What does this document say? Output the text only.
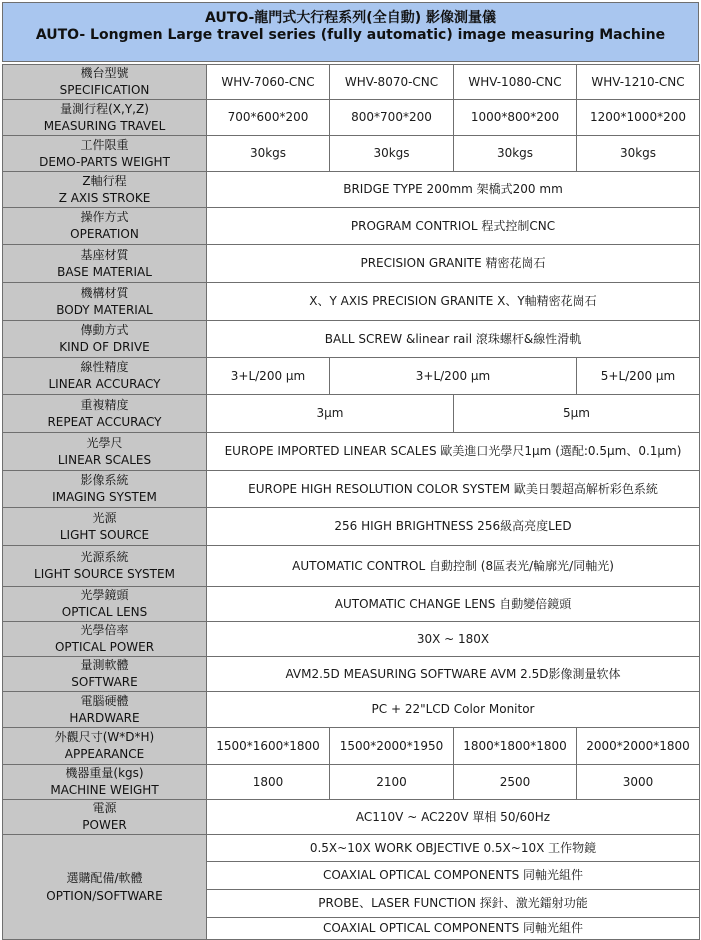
AUTO-龍門式大行程系列(全自動) 影像測量儀
AUTO- Longmen Large travel series (fully automatic) image measuring Machine
機台型號
SPECIFICATION	WHV-7060-CNC	WHV-8070-CNC	WHV-1080-CNC	WHV-1210-CNC

量測行程(X,Y,Z)
MEASURING TRAVEL	700*600*200	800*700*200	1000*800*200	1200*1000*200

工件限重
DEMO-PARTS WEIGHT	30kgs	30kgs	30kgs	30kgs

Z軸行程
Z AXIS STROKE	BRIDGE TYPE 200mm 架橋式200 mm			

操作方式
OPERATION	PROGRAM CONTRIOL 程式控制CNC			

基座材質
BASE MATERIAL	PRECISION GRANITE 精密花崗石			

機構材質
BODY MATERIAL	X、Y AXIS PRECISION GRANITE X、Y軸精密花崗石			

傳動方式
KIND OF DRIVE	BALL SCREW &linear rail 滾珠螺杆&線性滑軌			

線性精度
LINEAR ACCURACY	3+L/200 μm	3+L/200 μm		5+L/200 μm

重複精度
REPEAT ACCURACY	3μm		5μm	

光學尺
LINEAR SCALES	EUROPE IMPORTED LINEAR SCALES 歐美進口光學尺1μm (選配:0.5μm、0.1μm)			

影像系統
IMAGING SYSTEM	EUROPE HIGH RESOLUTION COLOR SYSTEM 歐美日製超高解析彩色系統			

光源
LIGHT SOURCE	256 HIGH BRIGHTNESS 256級高亮度LED			

光源系統
LIGHT SOURCE SYSTEM	AUTOMATIC CONTROL 自動控制 (8區表光/輪廓光/同軸光)			

光學鏡頭
OPTICAL LENS	AUTOMATIC CHANGE LENS 自動變倍鏡頭			

光學倍率
OPTICAL POWER	30X ~ 180X			

量測軟體
SOFTWARE	AVM2.5D MEASURING SOFTWARE AVM 2.5D影像測量软体			

電腦硬體
HARDWARE	PC + 22"LCD Color Monitor			

外觀尺寸(W*D*H)
APPEARANCE	1500*1600*1800	1500*2000*1950	1800*1800*1800	2000*2000*1800

機器重量(kgs)
MACHINE WEIGHT	1800	2100	2500	3000

電源
POWER	AC110V ~ AC220V 單相 50/60Hz			

選購配備/軟體
OPTION/SOFTWARE	0.5X~10X WORK OBJECTIVE 0.5X~10X 工作物鏡			
	COAXIAL OPTICAL COMPONENTS 同軸光組件			
	PROBE、LASER FUNCTION 探針、激光鐳射功能			
	COAXIAL OPTICAL COMPONENTS 同軸光組件			
